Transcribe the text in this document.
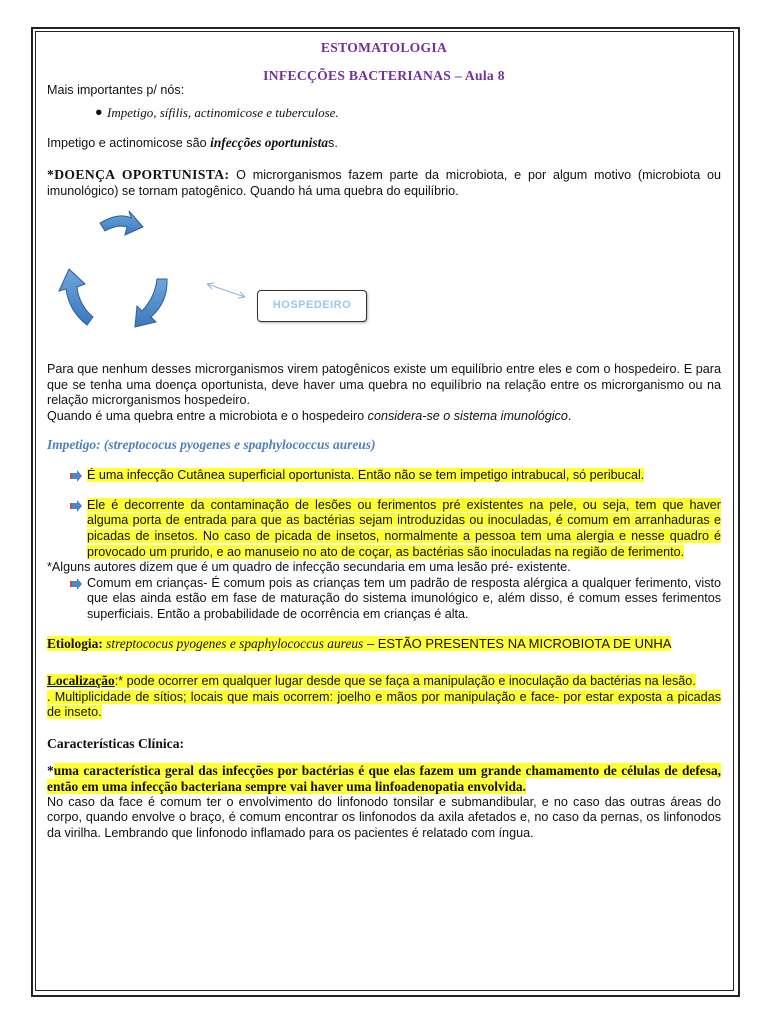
ESTOMATOLOGIA
INFECÇÕES BACTERIANAS – Aula 8

Mais importantes p/ nós:

● Impetigo, sífilis, actinomicose e tuberculose.

Impetigo e actinomicose são infecções oportunistas.

*DOENÇA OPORTUNISTA: O microrganismos fazem parte da microbiota, e por algum motivo (microbiota ou imunológico) se tornam patogênico. Quando há uma quebra do equilíbrio.

HOSPEDEIRO

Para que nenhum desses microrganismos virem patogênicos existe um equilíbrio entre eles e com o hospedeiro. E para que se tenha uma doença oportunista, deve haver uma quebra no equilíbrio na relação entre os microrganismo ou na relação microrganismos hospedeiro.

Quando é uma quebra entre a microbiota e o hospedeiro considera-se o sistema imunológico.

Impetigo: (streptococus pyogenes e spaphylococcus aureus)

É uma infecção Cutânea superficial oportunista. Então não se tem impetigo intrabucal, só peribucal.
Ele é decorrente da contaminação de lesões ou ferimentos pré existentes na pele, ou seja, tem que haver alguma porta de entrada para que as bactérias sejam introduzidas ou inoculadas, é comum em arranhaduras e picadas de insetos. No caso de picada de insetos, normalmente a pessoa tem uma alergia e nesse quadro é provocado um prurido, e ao manuseio no ato de coçar, as bactérias são inoculadas na região de ferimento.

*Alguns autores dizem que é um quadro de infecção secundaria em uma lesão pré- existente.

Comum em crianças- É comum pois as crianças tem um padrão de resposta alérgica a qualquer ferimento, visto que elas ainda estão em fase de maturação do sistema imunológico e, além disso, é comum esses ferimentos superficiais. Então a probabilidade de ocorrência em crianças é alta.

Etiologia: streptococus pyogenes e spaphylococcus aureus – ESTÃO PRESENTES NA MICROBIOTA DE UNHA

Localização:* pode ocorrer em qualquer lugar desde que se faça a manipulação e inoculação da bactérias na lesão.

. Multiplicidade de sítios; locais que mais ocorrem: joelho e mãos por manipulação e face- por estar exposta a picadas de inseto.

Características Clínica:

*uma característica geral das infecções por bactérias é que elas fazem um grande chamamento de células de defesa, então em uma infecção bacteriana sempre vai haver uma linfoadenopatia envolvida.

No caso da face é comum ter o envolvimento do linfonodo tonsilar e submandibular, e no caso das outras áreas do corpo, quando envolve o braço, é comum encontrar os linfonodos da axila afetados e, no caso da pernas, os linfonodos da virilha. Lembrando que linfonodo inflamado para os pacientes é relatado com íngua.
